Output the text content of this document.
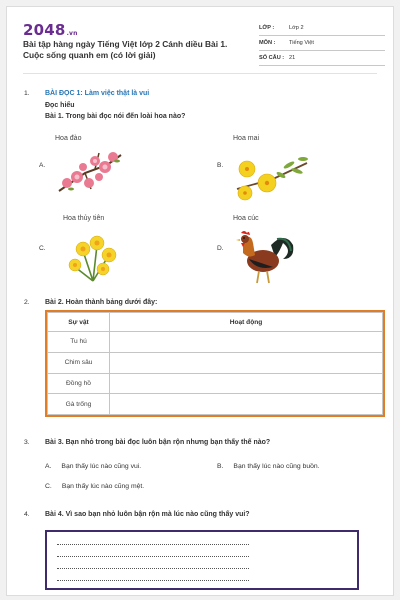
2048.vn
Bài tập hàng ngày Tiếng Việt lớp 2 Cánh diều Bài 1. Cuộc sống quanh em (có lời giải)
LỚP :	Lớp 2
MÔN :	Tiếng Việt
SỐ CÂU : 21
1. BÀI ĐỌC 1: Làm việc thật là vui
Đọc hiểu
Bài 1. Trong bài đọc nói đến loài hoa nào?
Hoa đào
A.
Hoa mai
B.
Hoa thủy tiên
C.
Hoa cúc
D.
2. Bài 2. Hoàn thành bảng dưới đây:
Sự vật	Hoạt động
Tu hú	
Chim sâu	
Đồng hồ	
Gà trống	
3. Bài 3. Bạn nhỏ trong bài đọc luôn bận rộn nhưng bạn thấy thế nào?
A. Bạn thấy lúc nào cũng vui.	B. Bạn thấy lúc nào cũng buồn.
C. Bạn thấy lúc nào cũng mệt.
4. Bài 4. Vì sao bạn nhỏ luôn bận rộn mà lúc nào cũng thấy vui?
